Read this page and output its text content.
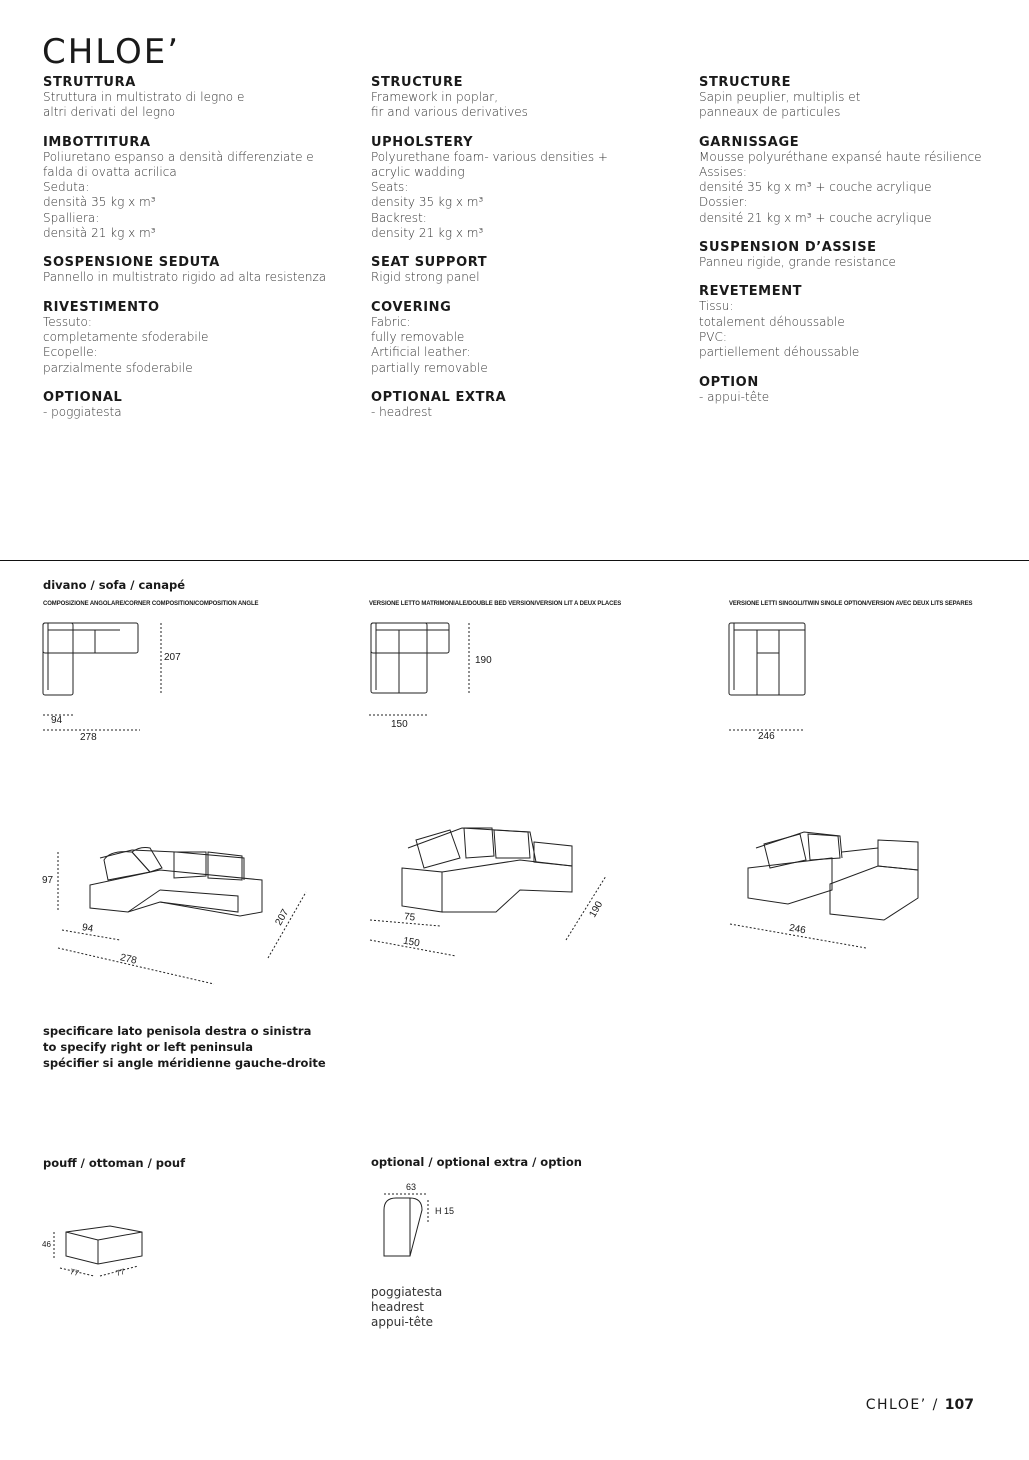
CHLOE’
STRUTTURA

Struttura in multistrato di legno e
altri derivati del legno

IMBOTTITURA

Poliuretano espanso a densità differenziate e
falda di ovatta acrilica
Seduta:
densità 35 kg x m³
Spalliera:
densità 21 kg x m³

SOSPENSIONE SEDUTA

Pannello in multistrato rigido ad alta resistenza

RIVESTIMENTO

Tessuto:
completamente sfoderabile
Ecopelle:
parzialmente sfoderabile

OPTIONAL

- poggiatesta

STRUCTURE

Framework in poplar,
fir and various derivatives

UPHOLSTERY

Polyurethane foam- various densities +
acrylic wadding
Seats:
density 35 kg x m³
Backrest:
density 21 kg x m³

SEAT SUPPORT

Rigid strong panel

COVERING

Fabric:
fully removable
Artificial leather:
partially removable

OPTIONAL EXTRA

- headrest

STRUCTURE

Sapin peuplier, multiplis et
panneaux de particules

GARNISSAGE

Mousse polyuréthane expansé haute résilience
Assises:
densité 35 kg x m³ + couche acrylique
Dossier:
densité 21 kg x m³ + couche acrylique

SUSPENSION D’ASSISE

Panneu rigide, grande resistance

REVETEMENT

Tissu:
totalement déhoussable
PVC:
partiellement déhoussable

OPTION

- appui-tête

divano / sofa / canapé
COMPOSIZIONE ANGOLARE/CORNER COMPOSITION/COMPOSITION ANGLE	VERSIONE LETTO MATRIMONIALE/DOUBLE BED VERSION/VERSION LIT A DEUX PLACES	VERSIONE LETTI SINGOLI/TWIN SINGLE OPTION/VERSION AVEC DEUX LITS SEPARES
207
94
278
190
150
246
97
94
278
207	75
150
190
246
specificare lato penisola destra o sinistra
to specify right or left peninsula
spécifier si angle méridienne gauche-droite
pouff / ottoman / pouf
46
77	77
optional / optional extra / option
63
H 15
poggiatesta
headrest
appui-tête
CHLOE’ / 107
